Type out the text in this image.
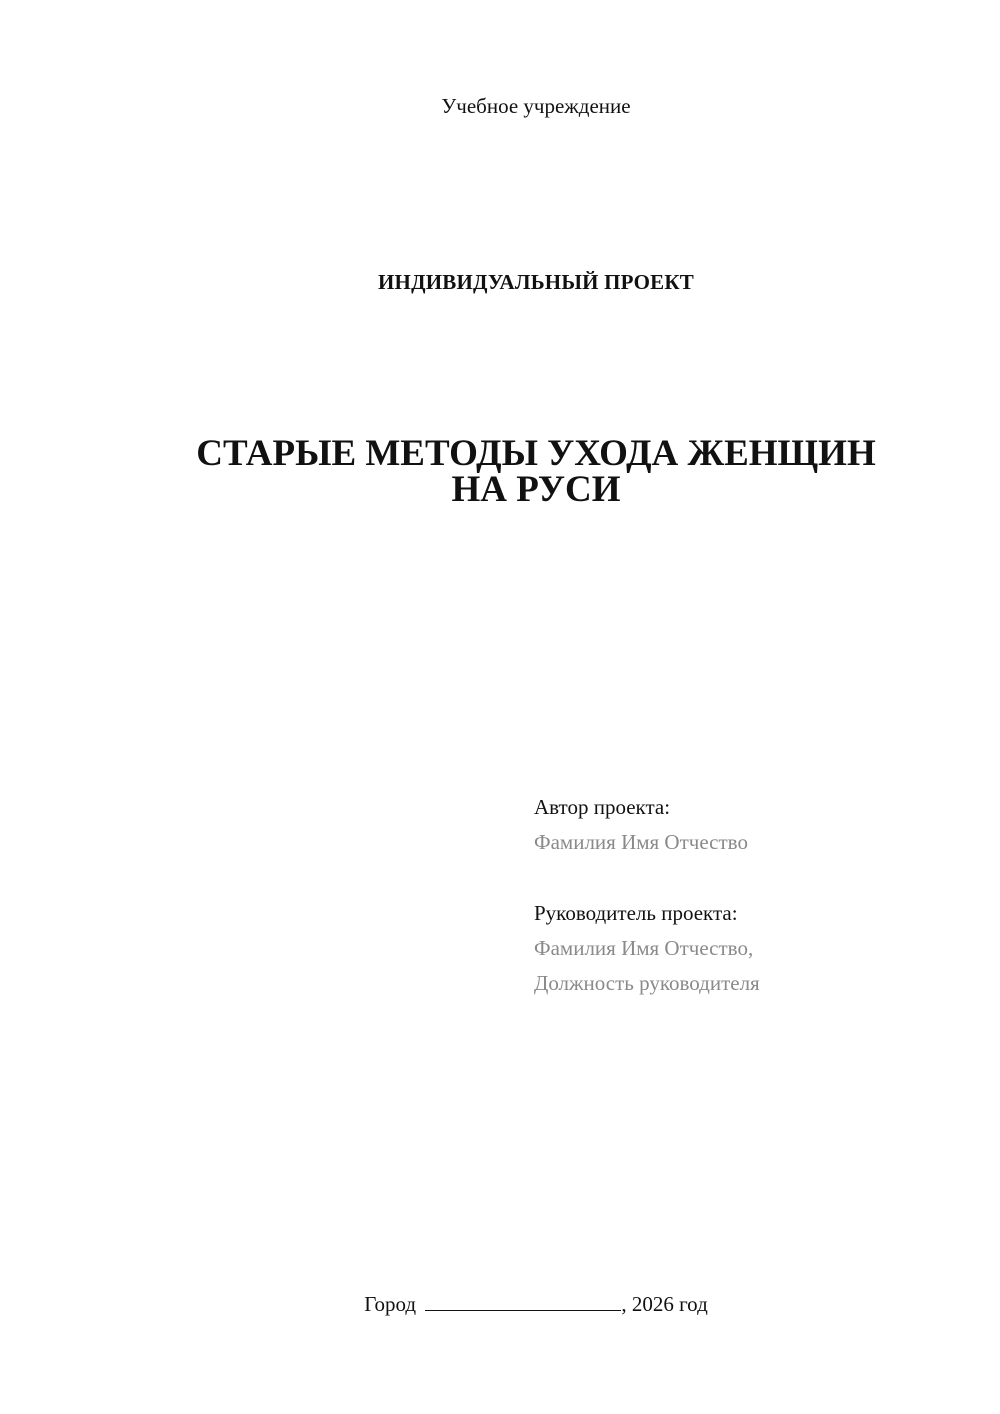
Учебное учреждение
ИНДИВИДУАЛЬНЫЙ ПРОЕКТ
СТАРЫЕ МЕТОДЫ УХОДА ЖЕНЩИН
НА РУСИ
Автор проекта:
Фамилия Имя Отчество
Руководитель проекта:
Фамилия Имя Отчество,
Должность руководителя
Город	, 2026 год
